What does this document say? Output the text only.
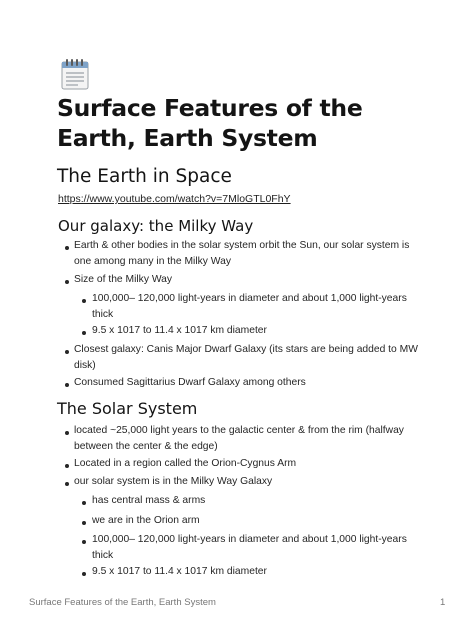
Surface Features of the Earth, Earth System
The Earth in Space
https://www.youtube.com/watch?v=7MloGTL0FhY
Our galaxy: the Milky Way
Earth & other bodies in the solar system orbit the Sun, our solar system is one among many in the Milky Way
Size of the Milky Way
100,000– 120,000 light-years in diameter and about 1,000 light-years thick
9.5 x 1017 to 11.4 x 1017 km diameter
Closest galaxy: Canis Major Dwarf Galaxy (its stars are being added to MW disk)
Consumed Sagittarius Dwarf Galaxy among others
The Solar System
located ~25,000 light years to the galactic center & from the rim (halfway between the center & the edge)
Located in a region called the Orion-Cygnus Arm
our solar system is in the Milky Way Galaxy
has central mass & arms
we are in the Orion arm
100,000– 120,000 light-years in diameter and about 1,000 light-years thick
9.5 x 1017 to 11.4 x 1017 km diameter
Surface Features of the Earth, Earth System	1
